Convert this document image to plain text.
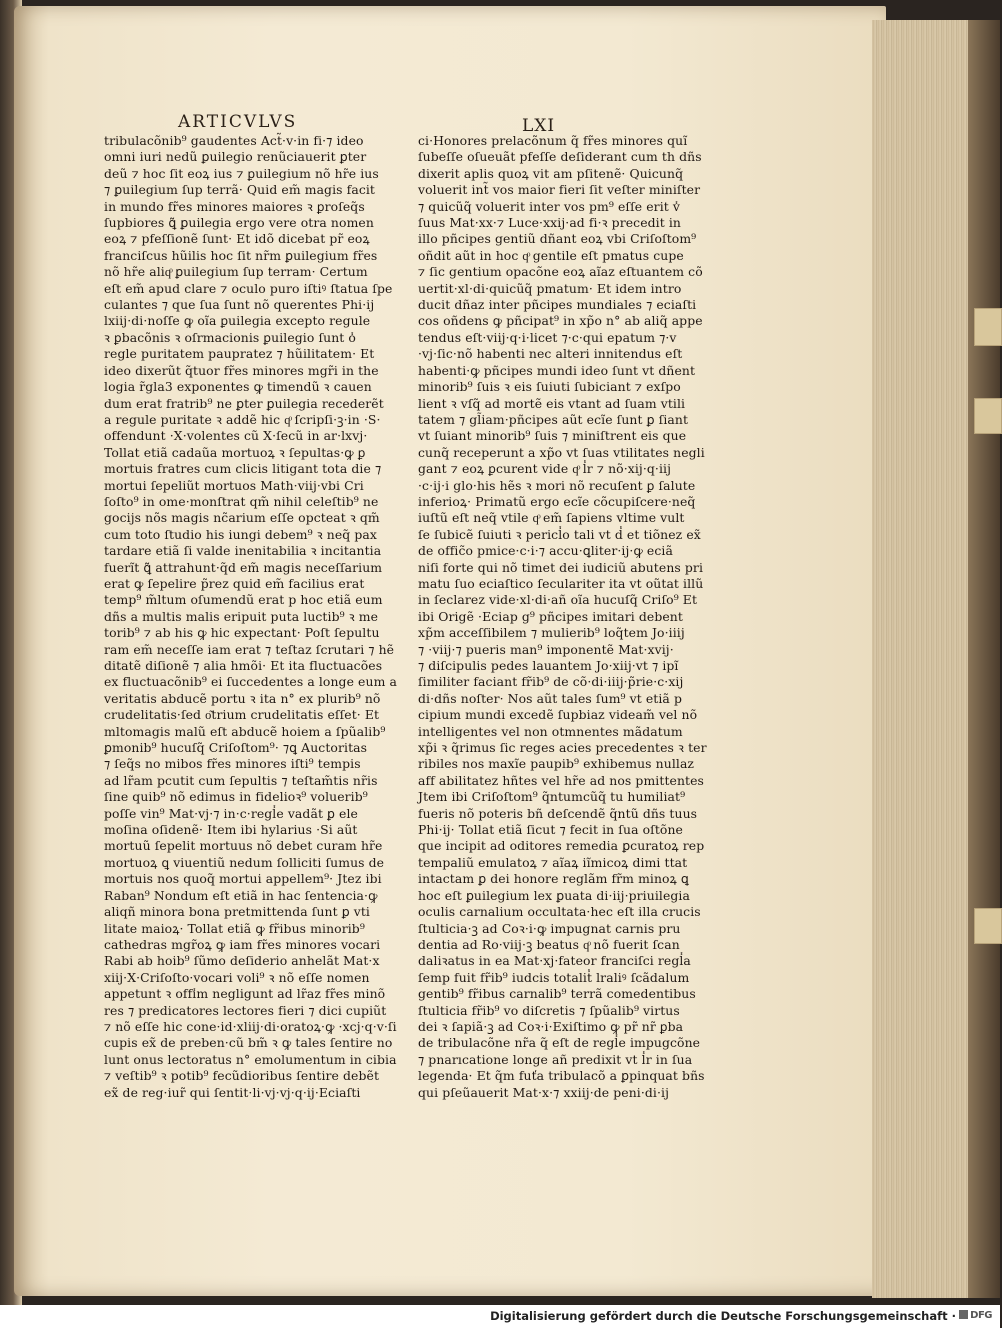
ARTICVLVS	LXI
tribulacõnib⁹ gaudentes Act̃·v·in fi·⁊ ideo
omni iuri nedũ ꝑuilegio renũciauerit ꝑter
deũ ⁊ hoc ſit eoꝝ ius ⁊ ꝑuilegium nõ hr̃e ius
⁊ ꝑuilegium ſup terrã· Quid em̃ magis facit
in mundo fr̃es minores maiores ꝛ ꝑroſeq̃s
ſupbiores ꝗ̃ ꝑuilegia ergo vere otra nomen
eoꝝ ⁊ pfeſſionẽ ſunt· Et idõ dicebat pr̃ eoꝝ
franciſcus hũilis hoc ſit nr̃m ꝑuilegium fr̃es
nõ hr̃e aliqͦ ꝑuilegium ſup terram· Certum
eſt em̃ apud clare ⁊ oculo puro iſtiꝰ ſtatua ſpe
culantes ⁊ que ſua ſunt nõ querentes Phi·ij
lxiij·di·noſſe ꝙ oĩa ꝑuilegia excepto regule
ꝛ ꝑbacõnis ꝛ oſrmacionis ꝑuilegio ſunt o̾
regle puritatem paupratez ⁊ hũilitatem· Et
ideo dixerũt q̃tuor fr̃es minores mgr̃i in the
logia r̃gla3 exponentes ꝙ timendũ ꝛ cauen
dum erat fratrib⁹ ne ꝑter ꝑuilegia recederẽt
a regule puritate ꝛ addẽ hic qͦ ſcripſi·ꝫ·in ·S·
offendunt ·X·volentes cũ X·ſecũ in ar·lxvj·
Tollat etiã cadaũa mortuoꝝ ꝛ ſepultas·ꝙ ꝑ
mortuis fratres cum clicis litigant tota die ⁊
mortui ſepeliũt mortuos Math·viij·vbi Cri
ſoſto⁹ in ome·monſtrat qm̃ nihil celeſtib⁹ ne
gocijs nõs magis nc̃arium eſſe opcteat ꝛ qm̃
cum toto ſtudio his iungi debem⁹ ꝛ neq̃ pax
tardare etiã ſi valde inenitabilia ꝛ incitantia
fuerĩt ꝗ̃ attrahunt·q̃d em̃ magis neceſſarium
erat ꝙ ſepelire p̃rez quid em̃ facilius erat
temp⁹ m̃ltum oſumendũ erat p hoc etiã eum
dñs a multis malis eripuit puta luctib⁹ ꝛ me
torib⁹ ⁊ ab his ꝙ hic expectant· Poſt ſepultu
ram em̃ neceſſe iam erat ⁊ teſtaz ſcrutari ⁊ hẽ
ditatẽ diſionẽ ⁊ alia hmõi· Et ita fluctuacões
ex fluctuacõnib⁹ ei ſuccedentes a longe eum a
veritatis abducẽ portu ꝛ ita n° ex plurib⁹ nõ
crudelitatis·ſed o͂trium crudelitatis eſſet· Et
mltomagis malũ eſt abducẽ hoiem a ſpũalib⁹
ꝑmonib⁹ hucuſq̃ Criſoſtom⁹· ⁊ꝗ Auctoritas
⁊ ſeq̃s no mibos fr̃es minores iſti⁹ tempis
ad lr̃am pcutit cum ſepultis ⁊ teſtam̃tis nr̃is
ſine quib⁹ nõ edimus in fidelioꝛ⁹ voluerib⁹
poſſe vin⁹ Mat·vj·⁊ in·c·regl̾e vadãt ꝑ ele
moſina oſidenẽ· Item ibi hylarius ·Si aũt
mortuũ ſepelit mortuus nõ debet curam hr̃e
mortuoꝝ ꝗ viuentiũ nedum ſolliciti ſumus de
mortuis nos quoq̃ mortui appellem⁹· Jtez ibi
Raban⁹ Nondum eſt etiã in hac ſentencia·ꝙ
aliqñ minora bona pretmittenda ſunt ꝑ vti
litate maioꝝ· Tollat etiã ꝙ fr̃ibus minorib⁹
cathedras mgr̃oꝝ ꝙ iam fr̃es minores vocari
Rabi ab hoib⁹ ſũmo deſiderio anhelãt Mat·x
xiij·X·Criſoſto·vocari voli⁹ ꝛ nõ eſſe nomen
appetunt ꝛ offi̾m negligunt ad lr̃az fr̃es minõ
res ⁊ predicatores lectores fieri ⁊ dici cupiũt
⁊ nõ eſſe hic cone·id·xliij·di·oratoꝝ·ꝙ ·xcj·q·v·ſi
cupis ex̃ de preben·cũ bm̃ ꝛ ꝙ tales ſentire no
lunt onus lectoratus n° emolumentum in cibia
⁊ veſtib⁹ ꝛ potib⁹ fecũdioribus ſentire debẽt
ex̃ de reg·iur̃ qui ſentit·li·vj·vj·q·ij·Eciaſti
ci·Honores prelacõnum q̃ fr̃es minores quĩ
ſubeſſe oſueuãt pfeſſe deſiderant cum th dñs
dixerit aplis quoꝝ vit am pſitenẽ· Quicunq̃
voluerit int̃ vos maior fieri ſit veſter miniſter
⁊ quicũq̃ voluerit inter vos pm⁹ eſſe erit v̾
ſuus Mat·xx·⁊ Luce·xxij·ad fi·ꝛ precedit in
illo pñcipes gentiũ dñant eoꝝ vbi Criſoſtom⁹
oñdit aũt in hoc qͦ gentile eſt pmatus cupe
⁊ ſic gentium opacõne eoꝝ aĩaz eſtuantem cõ
uertit·xl·di·quicũq̃ pmatum· Et idem intro
ducit dñaz inter pñcipes mundiales ⁊ eciaſti
cos oñdens ꝙ pñcipat⁹ in xp̃o n° ab aliq̃ appe
tendus eſt·viij·q·i·licet ⁊·c·qui epatum ⁊·v
·vj·ſic·nõ habenti nec alteri innitendus eſt
habenti·ꝙ pñcipes mundi ideo ſunt vt dñent
minorib⁹ ſuis ꝛ eis ſuiuti ſubiciant ⁊ exſpo
lient ꝛ vſq̃ ad mortẽ eis vtant ad ſuam vtili
tatem ⁊ gl̃iam·pñcipes aũt ecĩe ſunt ꝑ ſiant
vt ſuiant minorib⁹ ſuis ⁊ miniſtrent eis que
cunq̃ receperunt a xp̃o vt ſuas vtilitates negli
gant ⁊ eoꝝ ꝑcurent vide qͦ l̾r ⁊ nõ·xij·q·iij
·c·ij·i glo·his hẽs ꝛ mori nõ recuſent ꝑ ſalute
inferioꝝ· Primatũ ergo ecĩe cõcupiſcere·neq̃
iuſtũ eſt neq̃ vtile qͦ em̃ ſapiens vltime vult
ſe ſubicẽ ſuiuti ꝛ pericl̾o tali vt d̾ et tiõnez ex̃
de offic̃o pmice·c·i·⁊ accu·ꝗliter·ij·ꝙ eciã
niſi forte qui nõ timet dei iudiciũ abutens pri
matu ſuo eciaſtico ſeculariter ita vt oũtat illũ
in ſeclarez vide·xl·di·añ oĩa hucuſq̃ Criſo⁹ Et
ibi Origẽ ·Eciap g⁹ pñcipes imitari debent
xp̃m acceſſibilem ⁊ mulierib⁹ loq̃tem Jo·iiij
⁊ ·viij·⁊ pueris man⁹ imponentẽ Mat·xvij·
⁊ diſcipulis pedes lauantem Jo·xiij·vt ⁊ ipĩ
ſimiliter faciant fr̃ib⁹ de cõ·di·iiij·p̃rie·c·xij
di·dñs noſter· Nos aũt tales ſum⁹ vt etiã p
cipium mundi excedẽ ſupbiaz videam̃ vel nõ
intelligentes vel non otmnentes mãdatum
xp̃i ꝛ q̃rimus ſic reges acies precedentes ꝛ ter
ribiles nos maxĩe paupib⁹ exhibemus nullaz
aff abilitatez hñtes vel hr̃e ad nos pmittentes
Jtem ibi Criſoſtom⁹ q̃ntumcũq̃ tu humiliat⁹
fueris nõ poteris bñ deſcendẽ q̃ntũ dñs tuus
Phi·ij· Tollat etiã ſicut ⁊ fecit in ſua oſtõne
que incipit ad oditores remedia ꝑcuratoꝝ rep
tempaliũ emulatoꝝ ⁊ aĩaꝝ iĩmicoꝝ dimi ttat
intactam ꝑ dei honore reglãm fr̃m minoꝝ ꝗ
hoc eſt ꝑuilegium lex ꝑuata di·iij·priuilegia
oculis carnalium occultata·hec eſt illa crucis
ſtulticia·ꝫ ad Coꝛ·i·ꝙ impugnat carnis pru
dentia ad Ro·viij·ꝫ beatus qͦ nõ fuerit ſcan
daliꝛatus in ea Mat·xj·fateor franciſci regl̾a
ſemp fuit fr̃ib⁹ iudcis totalit̾ lraliꝰ ſcãdalum
gentib⁹ fr̃ibus carnalib⁹ terrã comedentibus
ſtulticia fr̃ib⁹ vo diſcretis ⁊ ſpũalib⁹ virtus
dei ꝛ ſapiã·ꝫ ad Coꝛ·i·Exiſtimo ꝙ pr̃ nr̃ ꝑba
de tribulacõne nr̃a q̃ eſt de regl̾e impugcõne
⁊ pnarıcatione longe añ predixit vt l̾r in ſua
legenda· Et q̃m fuťa tribulacõ a ꝑpinquat bñs
qui pſeũauerit Mat·x·⁊ xxiij·de peni·di·ij
Digitalisierung gefördert durch die Deutsche Forschungsgemeinschaft ·	DFG
